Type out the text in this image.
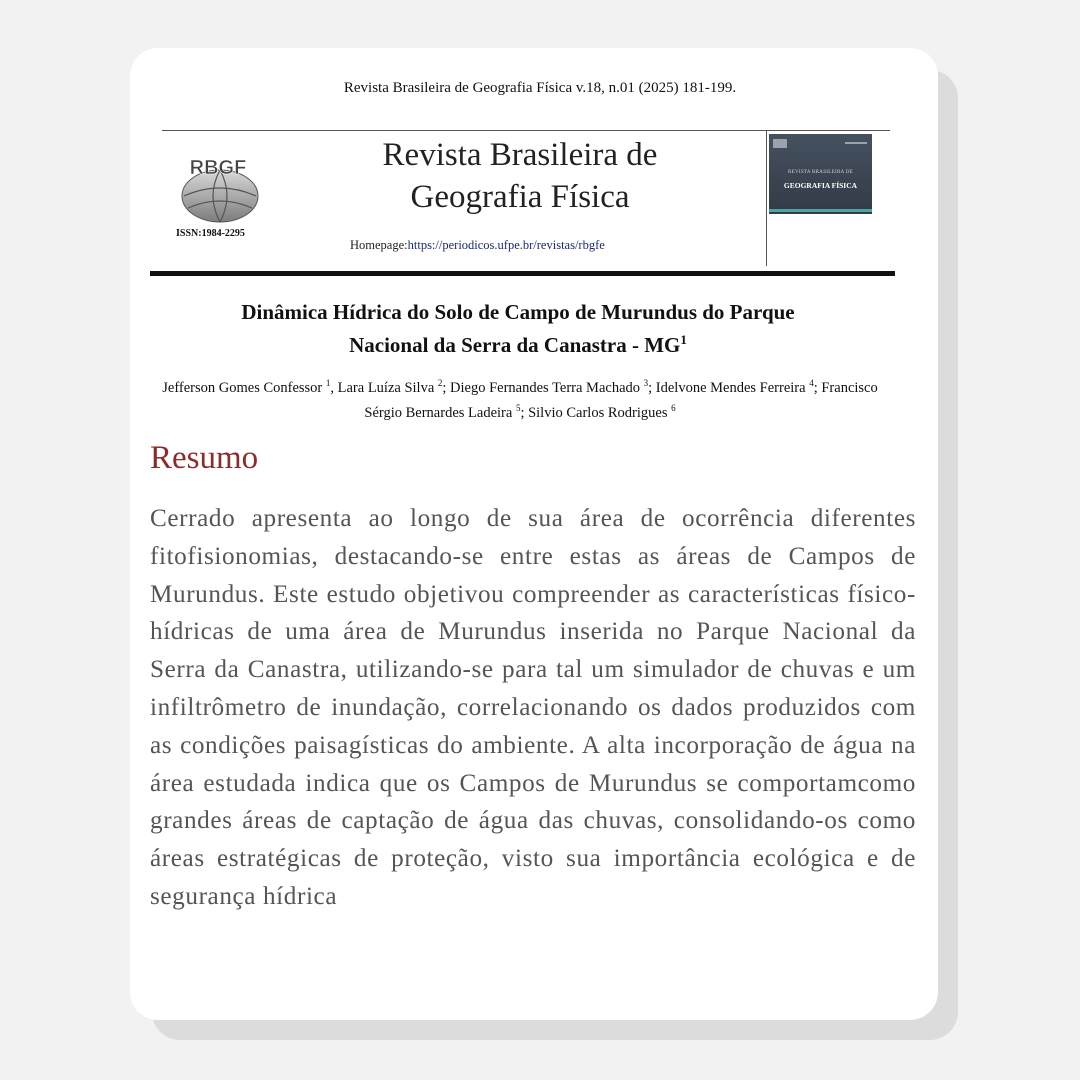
Revista Brasileira de Geografia Física v.18, n.01 (2025) 181-199.
RBGF
ISSN:1984-2295
Revista Brasileira de
Geografia Física
Homepage:https://periodicos.ufpe.br/revistas/rbgfe
REVISTA BRASILEIRA DE
GEOGRAFIA FÍSICA
Dinâmica Hídrica do Solo de Campo de Murundus do Parque
Nacional da Serra da Canastra - $MG^1$
Jefferson Gomes Confessor $^1$, Lara Luíza Silva $^2$; Diego Fernandes Terra Machado $^3$; Idelvone Mendes Ferreira $^4$; Francisco Sérgio Bernardes Ladeira $^5$; Silvio Carlos Rodrigues $^6$
Resumo
Cerrado apresenta ao longo de sua área de ocorrência diferentes fitofisionomias, destacando-se entre estas as áreas de Campos de Murundus. Este estudo objetivou compreender as características físico-hídricas de uma área de Murundus inserida no Parque Nacional da Serra da Canastra, utilizando-se para tal um simulador de chuvas e um infiltrômetro de inundação, correlacionando os dados produzidos com as condições paisagísticas do ambiente. A alta incorporação de água na área estudada indica que os Campos de Murundus se comportamcomo grandes áreas de captação de água das chuvas, consolidando-os como áreas estratégicas de proteção, visto sua importância ecológica e de segurança hídrica
